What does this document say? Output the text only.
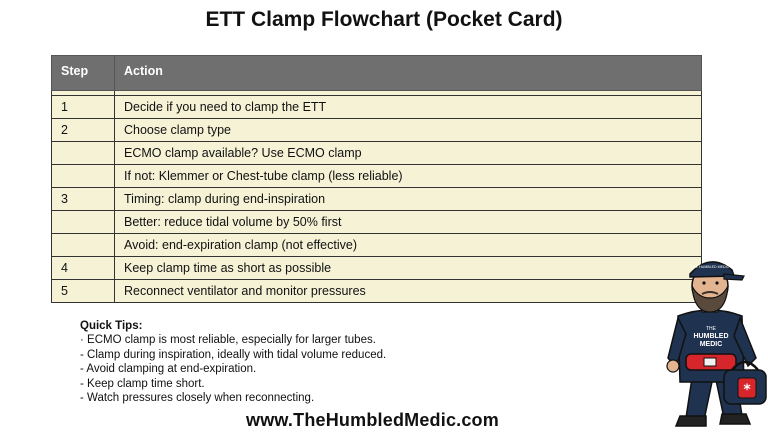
ETT Clamp Flowchart (Pocket Card)
Step	Action

1	Decide if you need to clamp the ETT
2	Choose clamp type
	ECMO clamp available? Use ECMO clamp
	If not: Klemmer or Chest-tube clamp (less reliable)
3	Timing: clamp during end-inspiration
	Better: reduce tidal volume by 50% first
	Avoid: end-expiration clamp (not effective)
4	Keep clamp time as short as possible
5	Reconnect ventilator and monitor pressures
Quick Tips:
· ECMO clamp is most reliable, especially for larger tubes.
- Clamp during inspiration, ideally with tidal volume reduced.
- Avoid clamping at end-expiration.
- Keep clamp time short.
- Watch pressures closely when reconnecting.
www.TheHumbledMedic.com
THE
HUMBLED
MEDIC
THE HUMBLED MEDIC
*
